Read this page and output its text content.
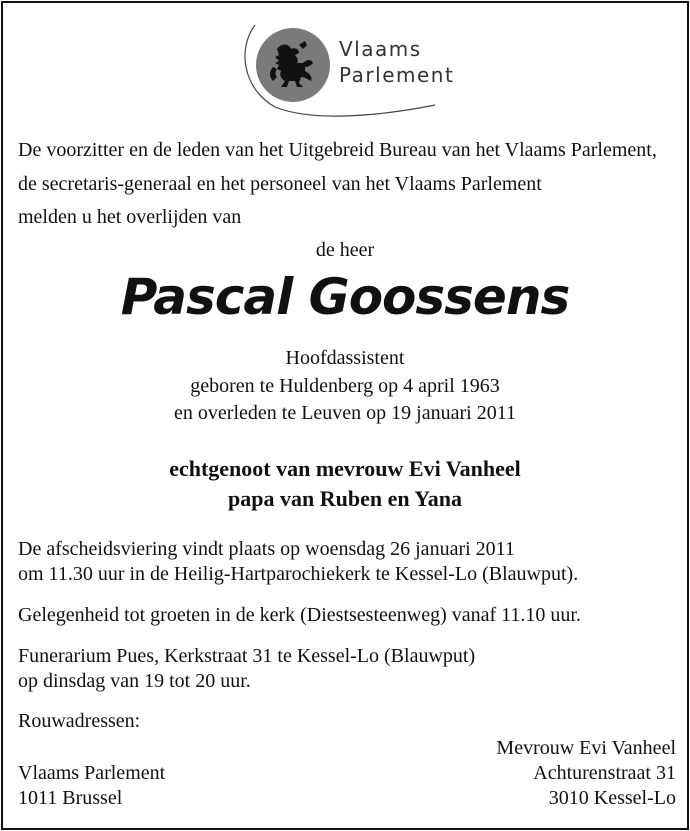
Vlaams
Parlement
De voorzitter en de leden van het Uitgebreid Bureau van het Vlaams Parlement,
de secretaris-generaal en het personeel van het Vlaams Parlement
melden u het overlijden van
de heer
Pascal Goossens
Hoofdassistent
geboren te Huldenberg op 4 april 1963
en overleden te Leuven op 19 januari 2011
echtgenoot van mevrouw Evi Vanheel
papa van Ruben en Yana
De afscheidsviering vindt plaats op woensdag 26 januari 2011
om 11.30 uur in de Heilig-Hartparochiekerk te Kessel-Lo (Blauwput).
Gelegenheid tot groeten in de kerk (Diestsesteenweg) vanaf 11.10 uur.
Funerarium Pues, Kerkstraat 31 te Kessel-Lo (Blauwput)
op dinsdag van 19 tot 20 uur.
Rouwadressen:
Mevrouw Evi Vanheel
Vlaams Parlement	Achturenstraat 31
1011 Brussel	3010 Kessel-Lo
